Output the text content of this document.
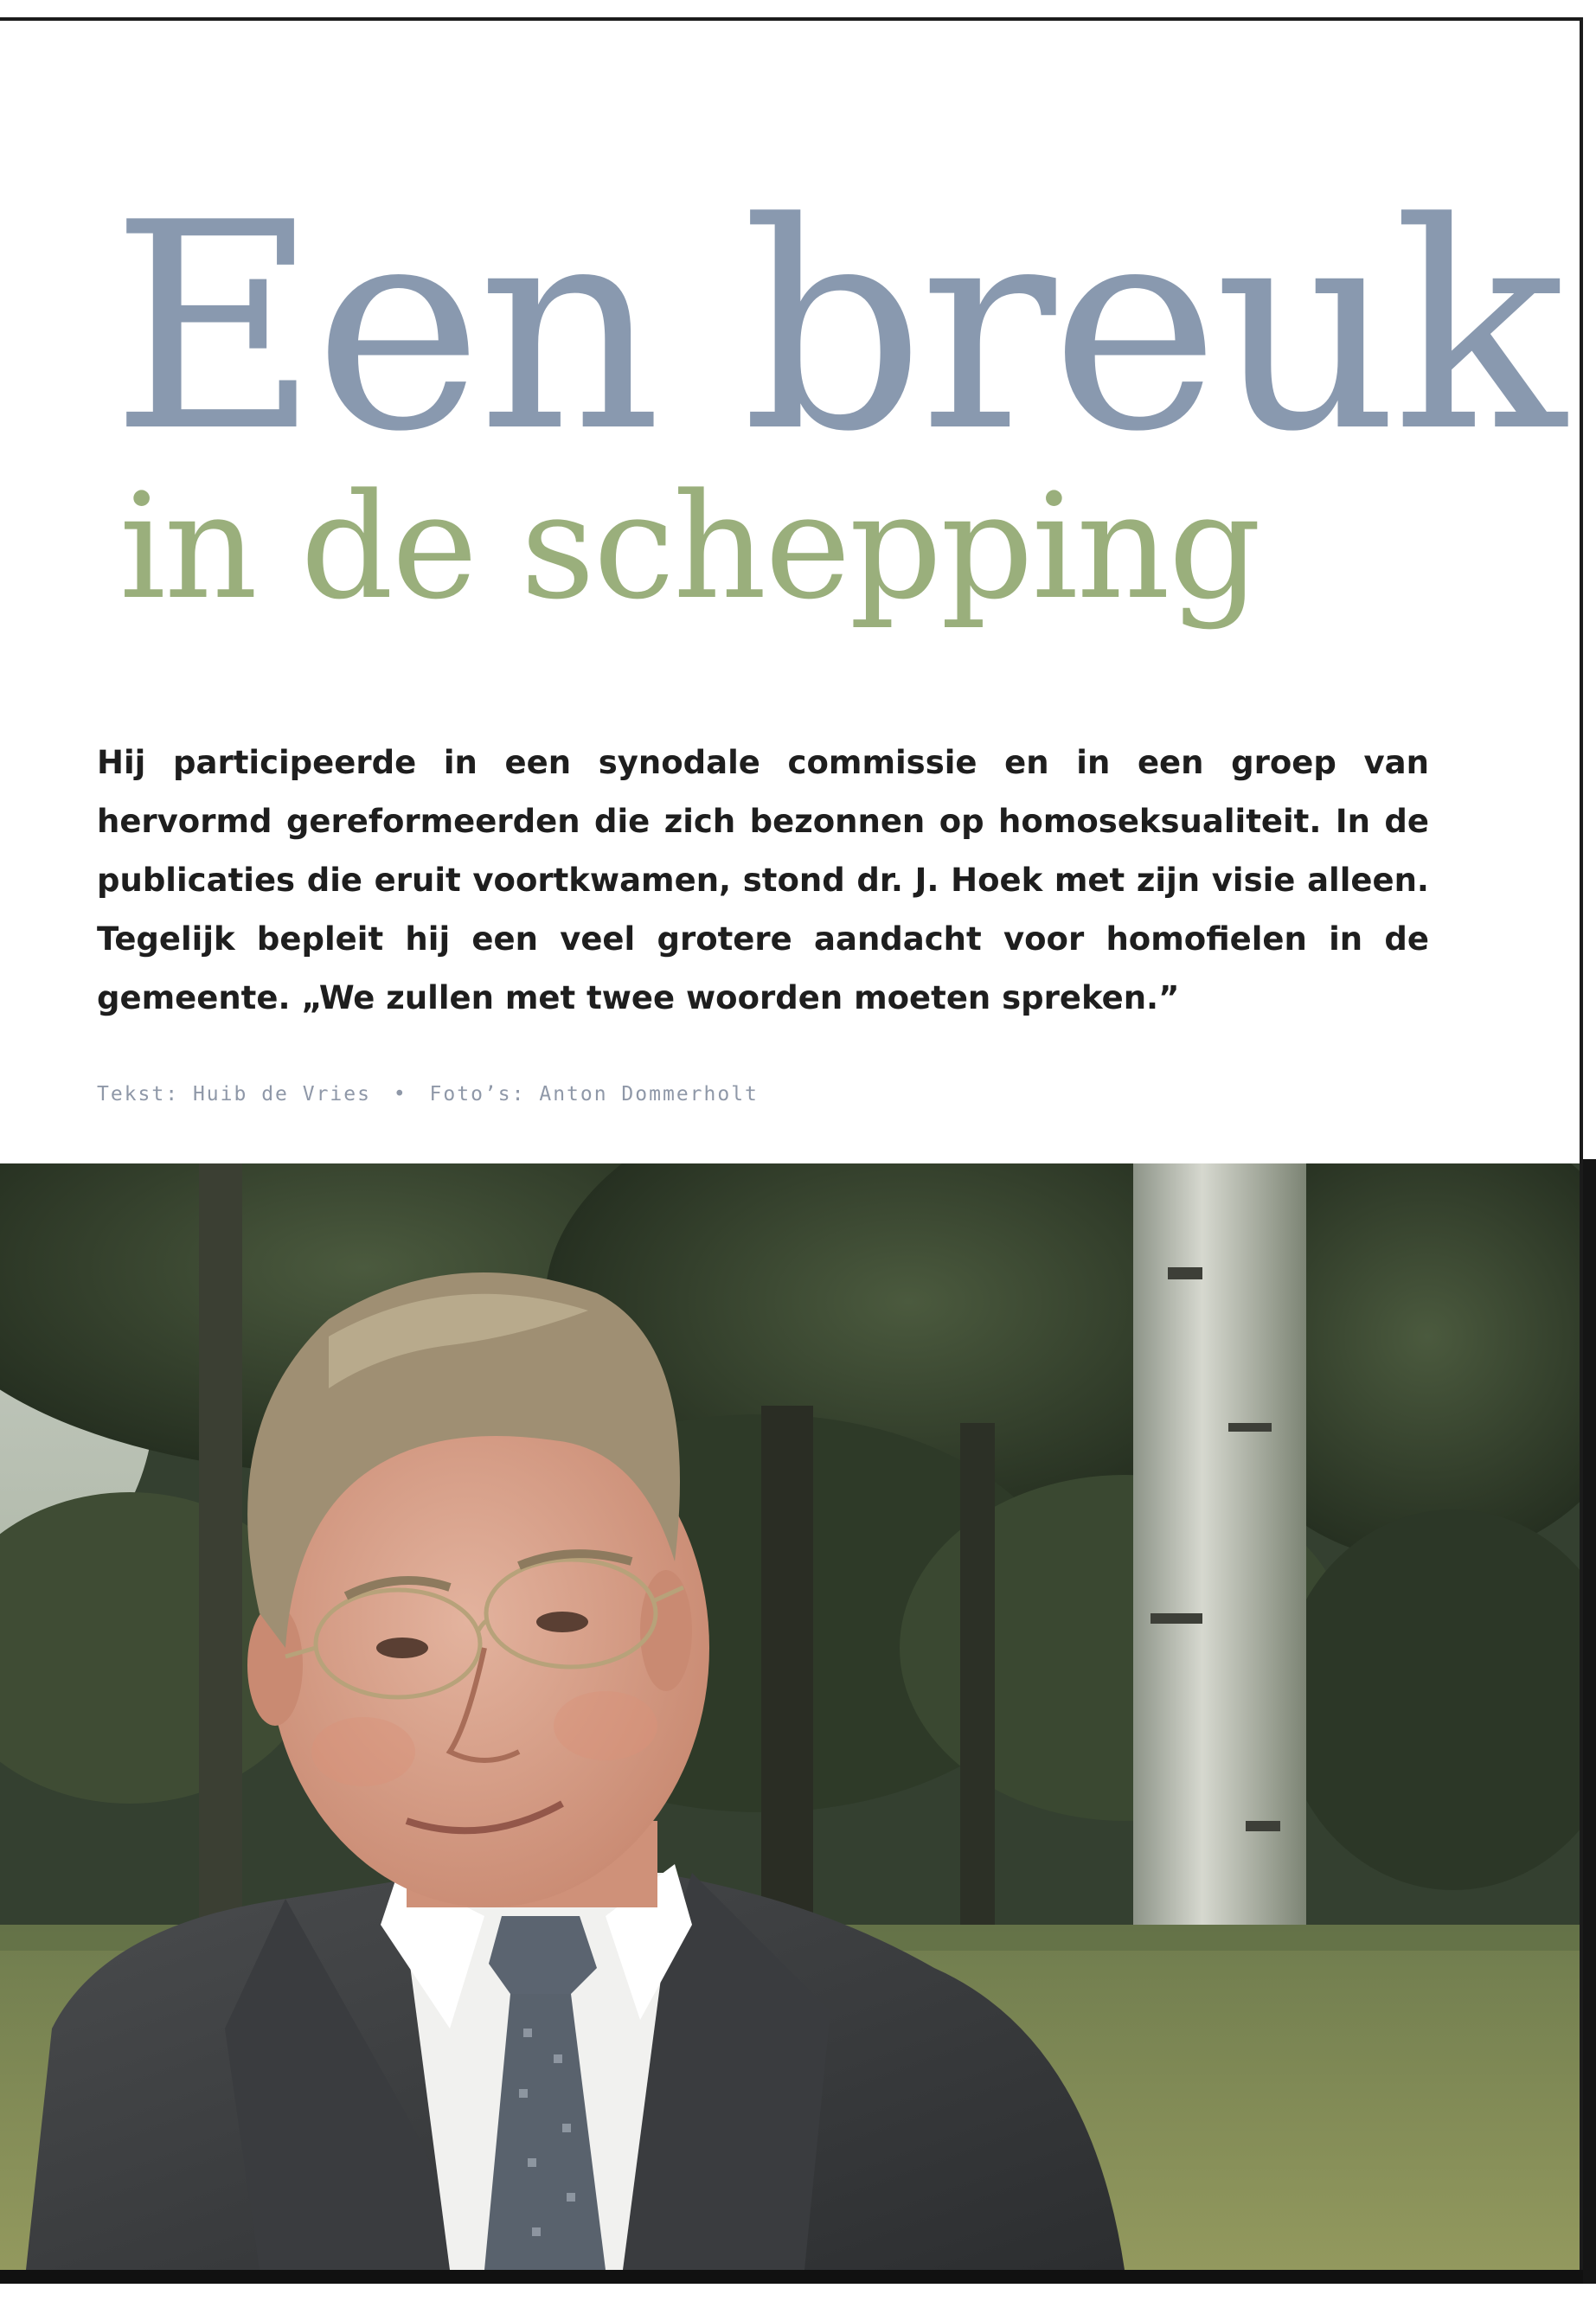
Een breuk
in de schepping

Hij participeerde in een synodale commissie en in een groep van hervormd gereformeerden die zich bezonnen op homoseksualiteit. In de publicaties die eruit voortkwamen, stond dr. J. Hoek met zijn visie alleen. Tegelijk bepleit hij een veel grotere aandacht voor homofielen in de gemeente. „We zullen met twee woorden moeten spreken.”

Tekst: Huib de Vries • Foto’s: Anton Dommerholt
